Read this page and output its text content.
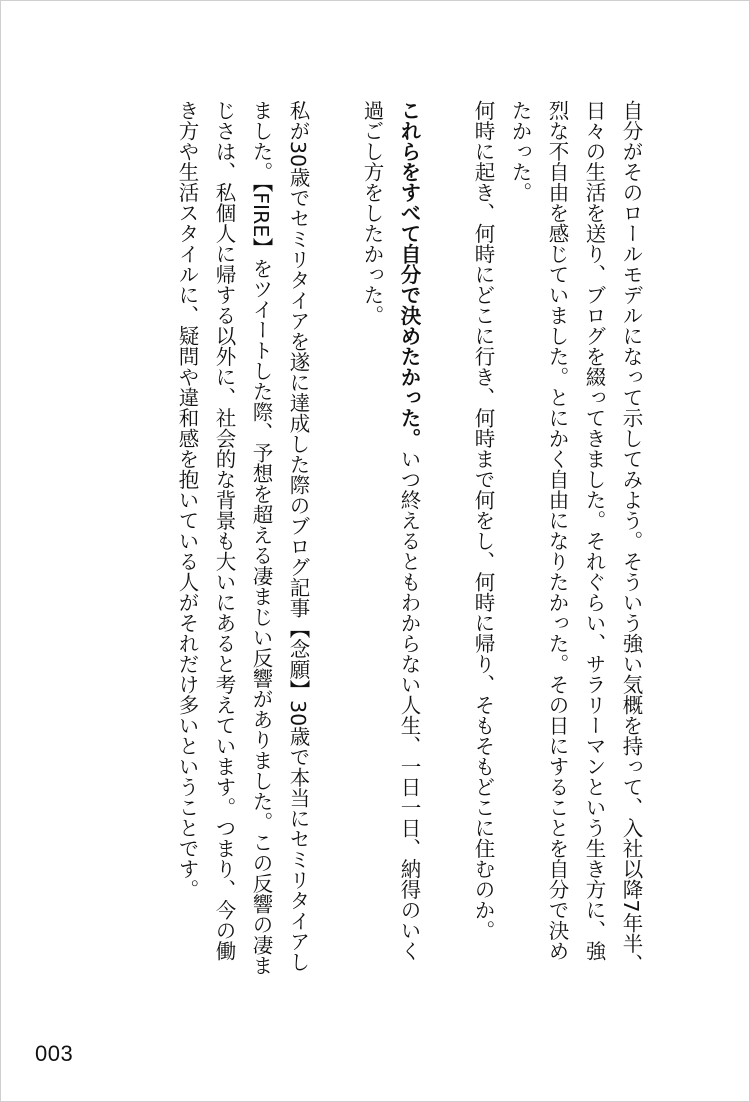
自分がそのロールモデルになって示してみよう。そういう強い気概を持って、入社以降7年半、日々の生活を送り、ブログを綴ってきました。それぐらい、サラリーマンという生き方に、強烈な不自由を感じていました。とにかく自由になりたかった。その日にすることを自分で決めたかった。

何時に起き、何時にどこに行き、何時まで何をし、何時に帰り、そもそもどこに住むのか。

これらをすべて自分で決めたかった。いつ終えるともわからない人生、一日一日、納得のいく過ごし方をしたかった。

私が30歳でセミリタイアを遂に達成した際のブログ記事【念願】30歳で本当にセミリタイアしました。【FIRE】をツイートした際、予想を超える凄まじい反響がありました。この反響の凄まじさは、私個人に帰する以外に、社会的な背景も大いにあると考えています。つまり、今の働き方や生活スタイルに、疑問や違和感を抱いている人がそれだけ多いということです。

003
